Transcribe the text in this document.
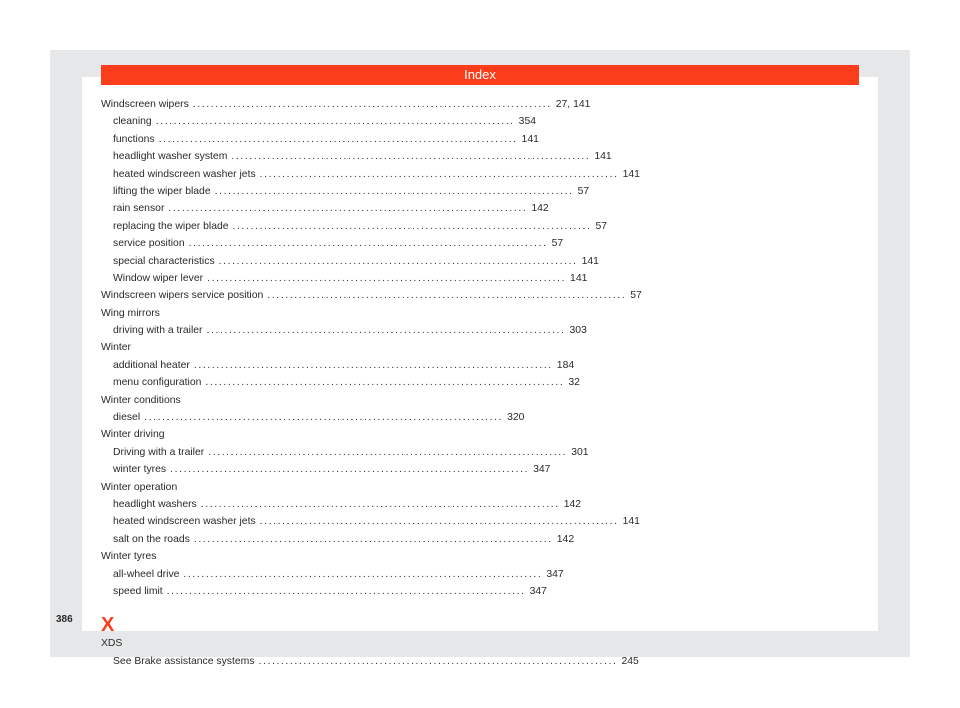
Index
Windscreen wipers ................................................................................ 27, 141
cleaning ................................................................................ 354
functions ................................................................................ 141
headlight washer system ................................................................................ 141
heated windscreen washer jets ................................................................................ 141
lifting the wiper blade ................................................................................ 57
rain sensor ................................................................................ 142
replacing the wiper blade ................................................................................ 57
service position ................................................................................ 57
special characteristics ................................................................................ 141
Window wiper lever ................................................................................ 141
Windscreen wipers service position ................................................................................ 57
Wing mirrors
driving with a trailer ................................................................................ 303
Winter
additional heater ................................................................................ 184
menu configuration ................................................................................ 32
Winter conditions
diesel ................................................................................ 320
Winter driving
Driving with a trailer ................................................................................ 301
winter tyres ................................................................................ 347
Winter operation
headlight washers ................................................................................ 142
heated windscreen washer jets ................................................................................ 141
salt on the roads ................................................................................ 142
Winter tyres
all-wheel drive ................................................................................ 347
speed limit ................................................................................ 347
X
XDS
See Brake assistance systems ................................................................................ 245
386
